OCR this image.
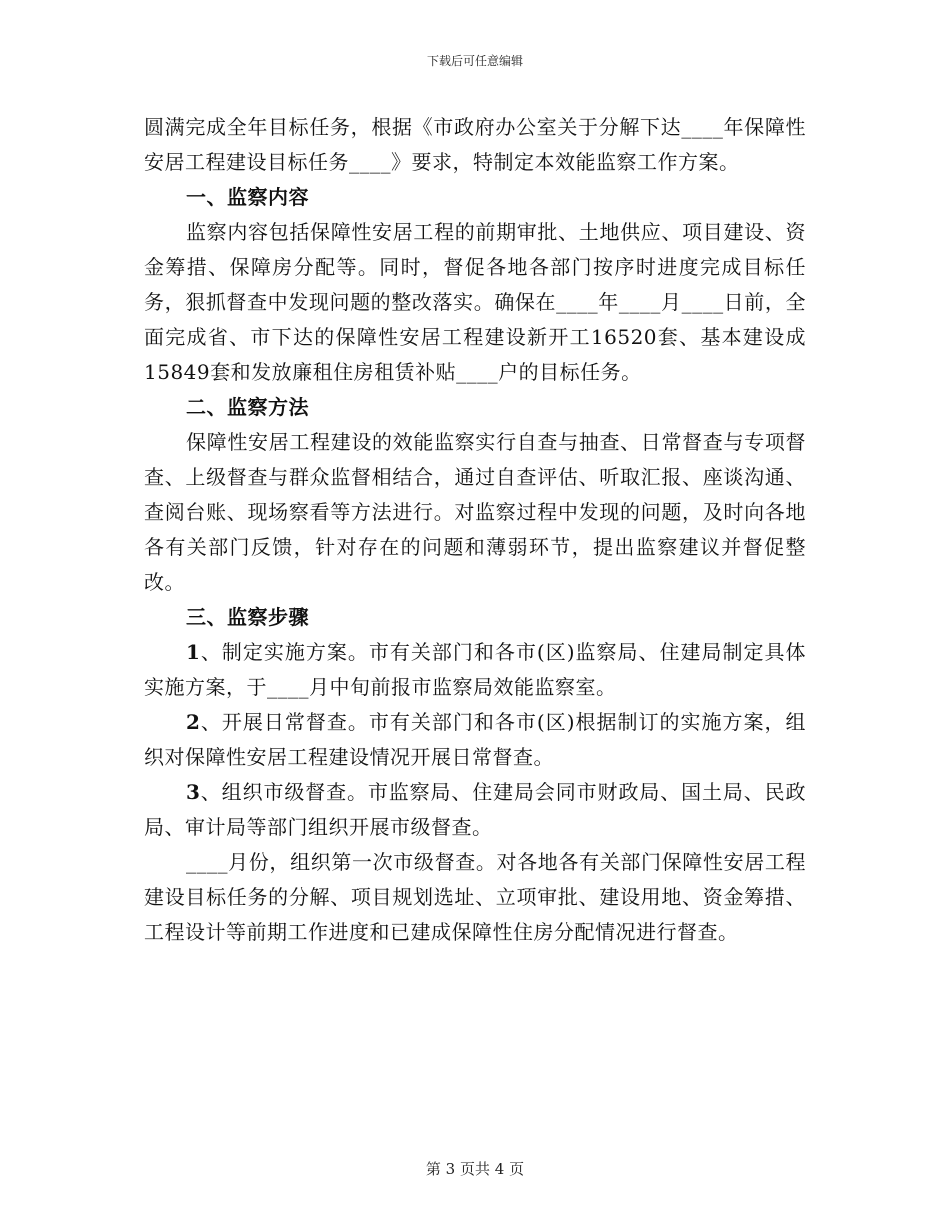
下载后可任意编辑

圆满完成全年目标任务，根据《市政府办公室关于分解下达____年保障性安居工程建设目标任务____》要求，特制定本效能监察工作方案。

一、监察内容

监察内容包括保障性安居工程的前期审批、土地供应、项目建设、资金筹措、保障房分配等。同时，督促各地各部门按序时进度完成目标任务，狠抓督查中发现问题的整改落实。确保在____年____月____日前，全面完成省、市下达的保障性安居工程建设新开工16520套、基本建设成15849套和发放廉租住房租赁补贴____户的目标任务。

二、监察方法

保障性安居工程建设的效能监察实行自查与抽查、日常督查与专项督查、上级督查与群众监督相结合，通过自查评估、听取汇报、座谈沟通、查阅台账、现场察看等方法进行。对监察过程中发现的问题，及时向各地各有关部门反馈，针对存在的问题和薄弱环节，提出监察建议并督促整改。

三、监察步骤

1、制定实施方案。市有关部门和各市(区)监察局、住建局制定具体实施方案，于____月中旬前报市监察局效能监察室。

2、开展日常督查。市有关部门和各市(区)根据制订的实施方案，组织对保障性安居工程建设情况开展日常督查。

3、组织市级督查。市监察局、住建局会同市财政局、国土局、民政局、审计局等部门组织开展市级督查。

____月份，组织第一次市级督查。对各地各有关部门保障性安居工程建设目标任务的分解、项目规划选址、立项审批、建设用地、资金筹措、工程设计等前期工作进度和已建成保障性住房分配情况进行督查。

第 3 页共 4 页
